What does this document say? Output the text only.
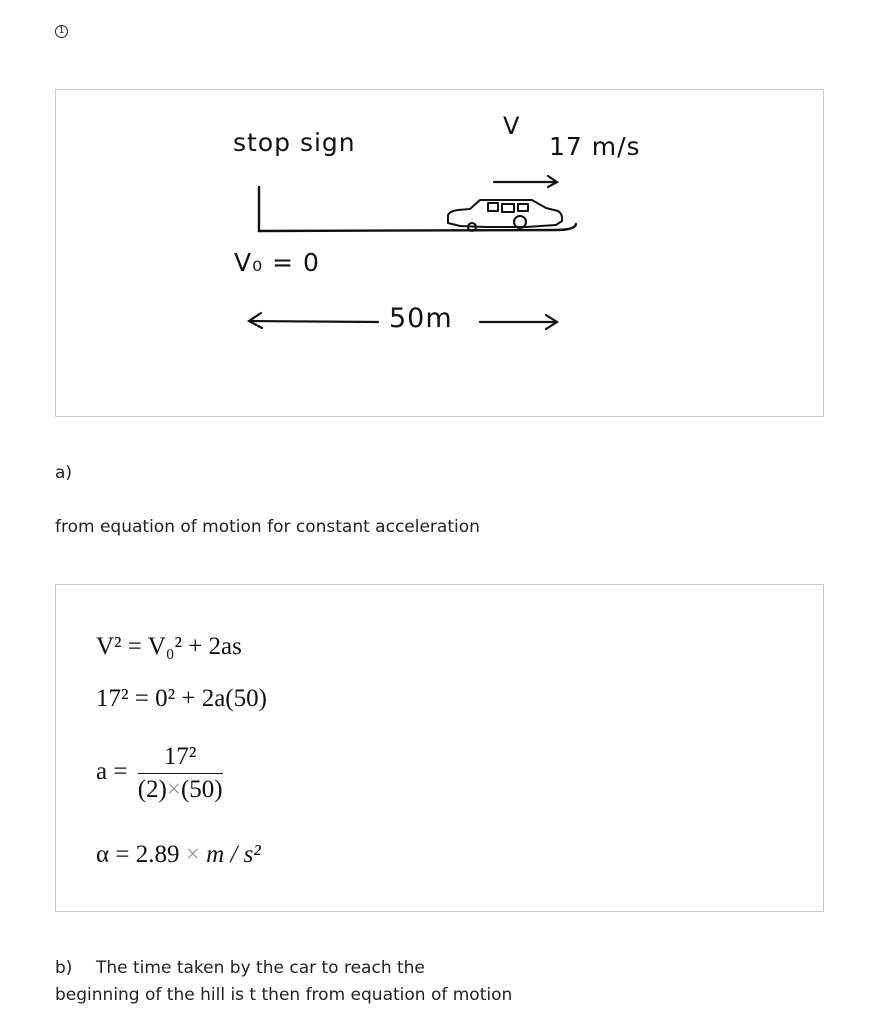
1
stop sign
V
17 m/s
V₀ = 0
50m
a)
from equation of motion for constant acceleration
V² = V₀² + 2as
17² = 0² + 2a(50)
$a = \frac{\text{17²}}{(2)\times(50)}$
α = 2.89 × m / s²
b) The time taken by the car to reach the
beginning of the hill is t then from equation of motion
